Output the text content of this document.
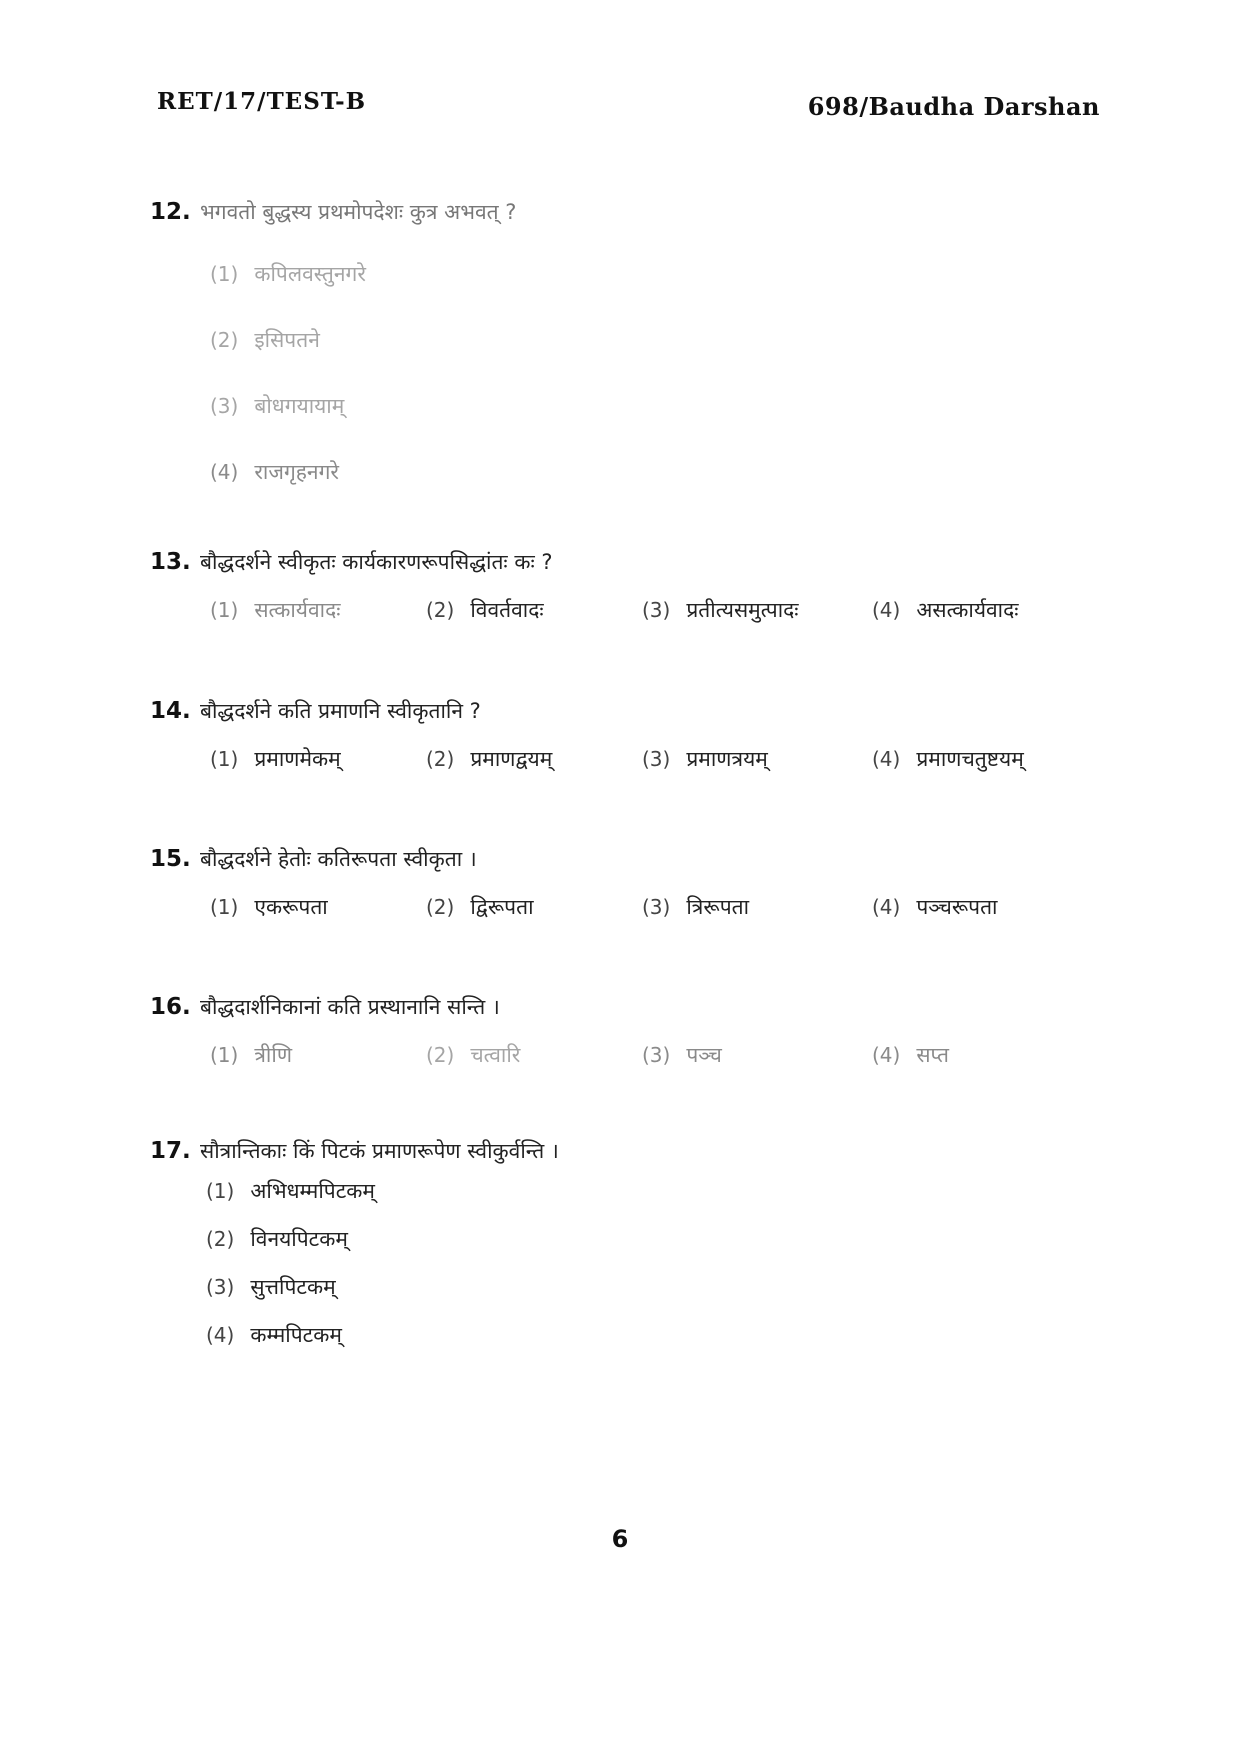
RET/17/TEST-B	698/Baudha Darshan
12. भगवतो बुद्धस्य प्रथमोपदेशः कुत्र अभवत् ?
(1) कपिलवस्तुनगरे
(2) इसिपतने
(3) बोधगयायाम्
(4) राजगृहनगरे
13. बौद्धदर्शने स्वीकृतः कार्यकारणरूपसिद्धांतः कः ?
(1) सत्कार्यवादः	(2) विवर्तवादः	(3) प्रतीत्यसमुत्पादः	(4) असत्कार्यवादः
14. बौद्धदर्शने कति प्रमाणनि स्वीकृतानि ?
(1) प्रमाणमेकम्	(2) प्रमाणद्वयम्	(3) प्रमाणत्रयम्	(4) प्रमाणचतुष्टयम्
15. बौद्धदर्शने हेतोः कतिरूपता स्वीकृता ।
(1) एकरूपता	(2) द्विरूपता	(3) त्रिरूपता	(4) पञ्चरूपता
16. बौद्धदार्शनिकानां कति प्रस्थानानि सन्ति ।
(1) त्रीणि	(2) चत्वारि	(3) पञ्च	(4) सप्त
17. सौत्रान्तिकाः किं पिटकं प्रमाणरूपेण स्वीकुर्वन्ति ।
(1) अभिधम्मपिटकम्
(2) विनयपिटकम्
(3) सुत्तपिटकम्
(4) कम्मपिटकम्
6
